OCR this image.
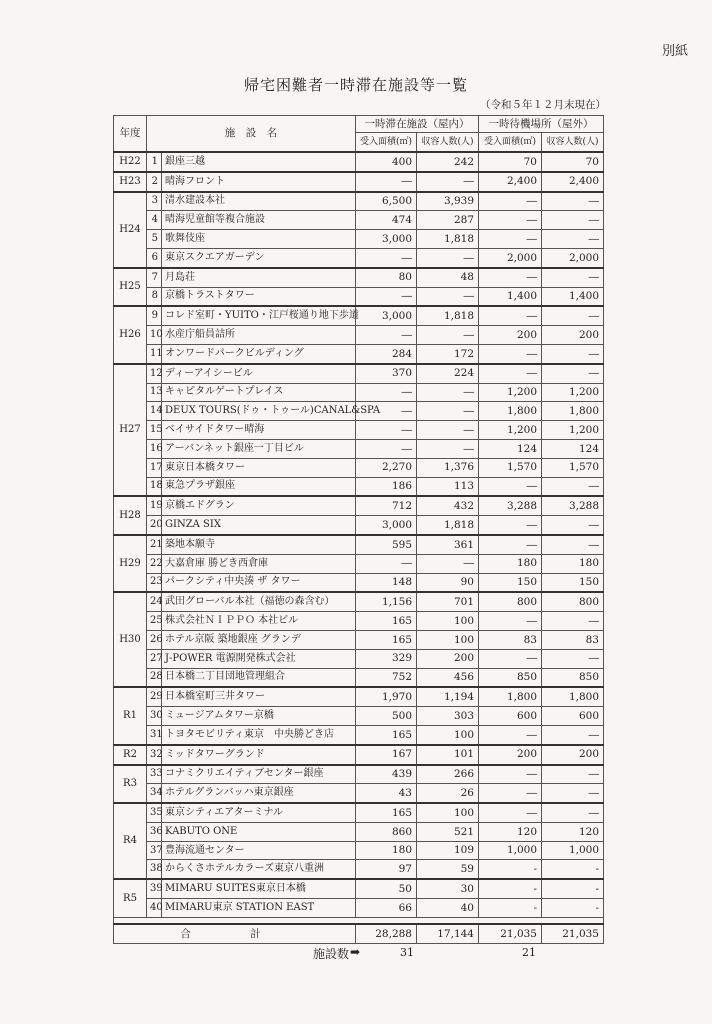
別紙
帰宅困難者一時滞在施設等一覧
（令和５年１２月末現在）
年度	施　設　名		一時滞在施設（屋内）		一時待機場所（屋外）	
			受入面積(㎡)	収容人数(人)	受入面積(㎡)	収容人数(人)
H22	1	銀座三越	400	242	70	70
H23	2	晴海フロント	―	―	2,400	2,400
H24	3	清水建設本社	6,500	3,939	―	―
	4	晴海児童館等複合施設	474	287	―	―
	5	歌舞伎座	3,000	1,818	―	―
	6	東京スクエアガーデン	―	―	2,000	2,000
H25	7	月島荘	80	48	―	―
	8	京橋トラストタワー	―	―	1,400	1,400
H26	9	コレド室町・YUITO・江戸桜通り地下歩道	3,000	1,818	―	―
	10	水産庁船員詰所	―	―	200	200
	11	オンワードパークビルディング	284	172	―	―
H27	12	ディーアイシービル	370	224	―	―
	13	キャピタルゲートプレイス	―	―	1,200	1,200
	14	DEUX TOURS(ドゥ・トゥール)CANAL&SPA	―	―	1,800	1,800
	15	ベイサイドタワー晴海	―	―	1,200	1,200
	16	アーバンネット銀座一丁目ビル	―	―	124	124
	17	東京日本橋タワー	2,270	1,376	1,570	1,570
	18	東急プラザ銀座	186	113	―	―
H28	19	京橋エドグラン	712	432	3,288	3,288
	20	GINZA SIX	3,000	1,818	―	―
H29	21	築地本願寺	595	361	―	―
	22	大嘉倉庫 勝どき西倉庫	―	―	180	180
	23	パークシティ中央湊 ザ タワー	148	90	150	150
H30	24	武田グローバル本社（福徳の森含む）	1,156	701	800	800
	25	株式会社ＮＩＰＰＯ 本社ビル	165	100	―	―
	26	ホテル京阪 築地銀座 グランデ	165	100	83	83
	27	J-POWER 電源開発株式会社	329	200	―	―
	28	日本橋二丁目団地管理組合	752	456	850	850
R1	29	日本橋室町三井タワー	1,970	1,194	1,800	1,800
	30	ミュージアムタワー京橋	500	303	600	600
	31	トヨタモビリティ東京　中央勝どき店	165	100	―	―
R2	32	ミッドタワーグランド	167	101	200	200
R3	33	コナミクリエイティブセンター銀座	439	266	―	―
	34	ホテルグランバッハ東京銀座	43	26	―	―
R4	35	東京シティエアターミナル	165	100	―	―
	36	KABUTO ONE	860	521	120	120
	37	豊海流通センター	180	109	1,000	1,000
	38	からくさホテルカラーズ東京八重洲	97	59	-	-
R5	39	MIMARU SUITES東京日本橋	50	30	-	-
	40	MIMARU東京 STATION EAST	66	40	-	-

合 計			28,288	17,144	21,035	21,035
施設数 ➡	31	21
